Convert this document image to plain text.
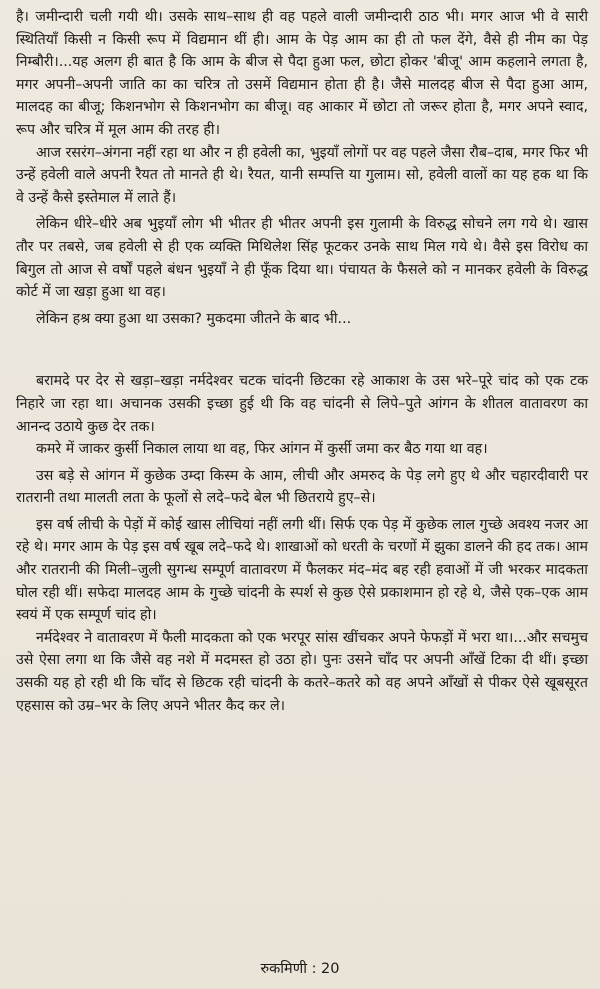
है। जमीन्दारी चली गयी थी। उसके साथ–साथ ही वह पहले वाली जमीन्दारी ठाठ भी। मगर आज भी वे सारी स्थितियाँ किसी न किसी रूप में विद्यमान थीं ही। आम के पेड़ आम का ही तो फल देंगे, वैसे ही नीम का पेड़ निम्बौरी।...यह अलग ही बात है कि आम के बीज से पैदा हुआ फल, छोटा होकर 'बीजू' आम कहलाने लगता है, मगर अपनी–अपनी जाति का का चरित्र तो उसमें विद्यमान होता ही है। जैसे मालदह बीज से पैदा हुआ आम, मालदह का बीजू; किशनभोग से किशनभोग का बीजू। वह आकार में छोटा तो जरूर होता है, मगर अपने स्वाद, रूप और चरित्र में मूल आम की तरह ही।

आज रसरंग–अंगना नहीं रहा था और न ही हवेली का, भुइयाँ लोगों पर वह पहले जैसा रौब–दाब, मगर फिर भी उन्हें हवेली वाले अपनी रैयत तो मानते ही थे। रैयत, यानी सम्पत्ति या गुलाम। सो, हवेली वालों का यह हक था कि वे उन्हें कैसे इस्तेमाल में लाते हैं।

लेकिन धीरे–धीरे अब भुइयाँ लोग भी भीतर ही भीतर अपनी इस गुलामी के विरुद्ध सोचने लग गये थे। खास तौर पर तबसे, जब हवेली से ही एक व्यक्ति मिथिलेश सिंह फूटकर उनके साथ मिल गये थे। वैसे इस विरोध का बिगुल तो आज से वर्षों पहले बंधन भुइयाँ ने ही फूँक दिया था। पंचायत के फैसले को न मानकर हवेली के विरुद्ध कोर्ट में जा खड़ा हुआ था वह।

लेकिन हश्र क्या हुआ था उसका? मुकदमा जीतने के बाद भी...

बरामदे पर देर से खड़ा–खड़ा नर्मदेश्वर चटक चांदनी छिटका रहे आकाश के उस भरे–पूरे चांद को एक टक निहारे जा रहा था। अचानक उसकी इच्छा हुई थी कि वह चांदनी से लिपे–पुते आंगन के शीतल वातावरण का आनन्द उठाये कुछ देर तक।

कमरे में जाकर कुर्सी निकाल लाया था वह, फिर आंगन में कुर्सी जमा कर बैठ गया था वह।

उस बड़े से आंगन में कुछेक उम्दा किस्म के आम, लीची और अमरुद के पेड़ लगे हुए थे और चहारदीवारी पर रातरानी तथा मालती लता के फूलों से लदे–फदे बेल भी छितराये हुए–से।

इस वर्ष लीची के पेड़ों में कोई खास लीचियां नहीं लगी थीं। सिर्फ एक पेड़ में कुछेक लाल गुच्छे अवश्य नजर आ रहे थे। मगर आम के पेड़ इस वर्ष खूब लदे–फदे थे। शाखाओं को धरती के चरणों में झुका डालने की हद तक। आम और रातरानी की मिली–जुली सुगन्ध सम्पूर्ण वातावरण में फैलकर मंद–मंद बह रही हवाओं में जी भरकर मादकता घोल रही थीं। सफेदा मालदह आम के गुच्छे चांदनी के स्पर्श से कुछ ऐसे प्रकाशमान हो रहे थे, जैसे एक–एक आम स्वयं में एक सम्पूर्ण चांद हो।

नर्मदेश्वर ने वातावरण में फैली मादकता को एक भरपूर सांस खींचकर अपने फेफड़ों में भरा था।...और सचमुच उसे ऐसा लगा था कि जैसे वह नशे में मदमस्त हो उठा हो। पुनः उसने चाँद पर अपनी आँखें टिका दी थीं। इच्छा उसकी यह हो रही थी कि चाँद से छिटक रही चांदनी के कतरे–कतरे को वह अपने आँखों से पीकर ऐसे खूबसूरत एहसास को उम्र–भर के लिए अपने भीतर कैद कर ले।

रुकमिणी : 20
